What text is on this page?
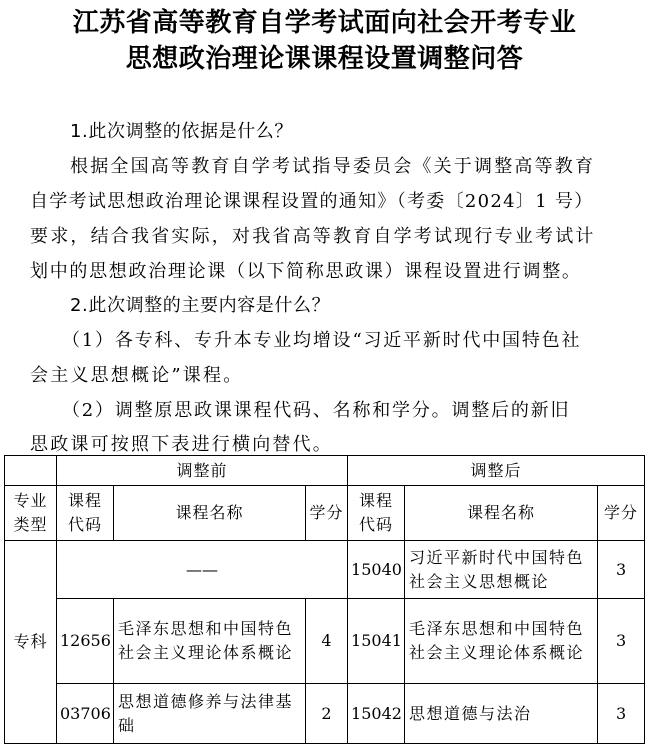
江苏省高等教育自学考试面向社会开考专业
思想政治理论课课程设置调整问答
1.此次调整的依据是什么？
根据全国高等教育自学考试指导委员会《关于调整高等教育
自学考试思想政治理论课课程设置的通知》（考委〔2024〕1 号）
要求，结合我省实际，对我省高等教育自学考试现行专业考试计
划中的思想政治理论课（以下简称思政课）课程设置进行调整。
2.此次调整的主要内容是什么？
（1）各专科、专升本专业均增设“习近平新时代中国特色社
会主义思想概论”课程。
（2）调整原思政课课程代码、名称和学分。调整后的新旧
思政课可按照下表进行横向替代。
	调整前			调整后		
专业类型	课程代码	课程名称	学分	课程代码	课程名称	学分
专科	——			15040	习近平新时代中国特色社会主义思想概论	3
	12656	毛泽东思想和中国特色社会主义理论体系概论	4	15041	毛泽东思想和中国特色社会主义理论体系概论	3
	03706	思想道德修养与法律基础	2	15042	思想道德与法治	3
